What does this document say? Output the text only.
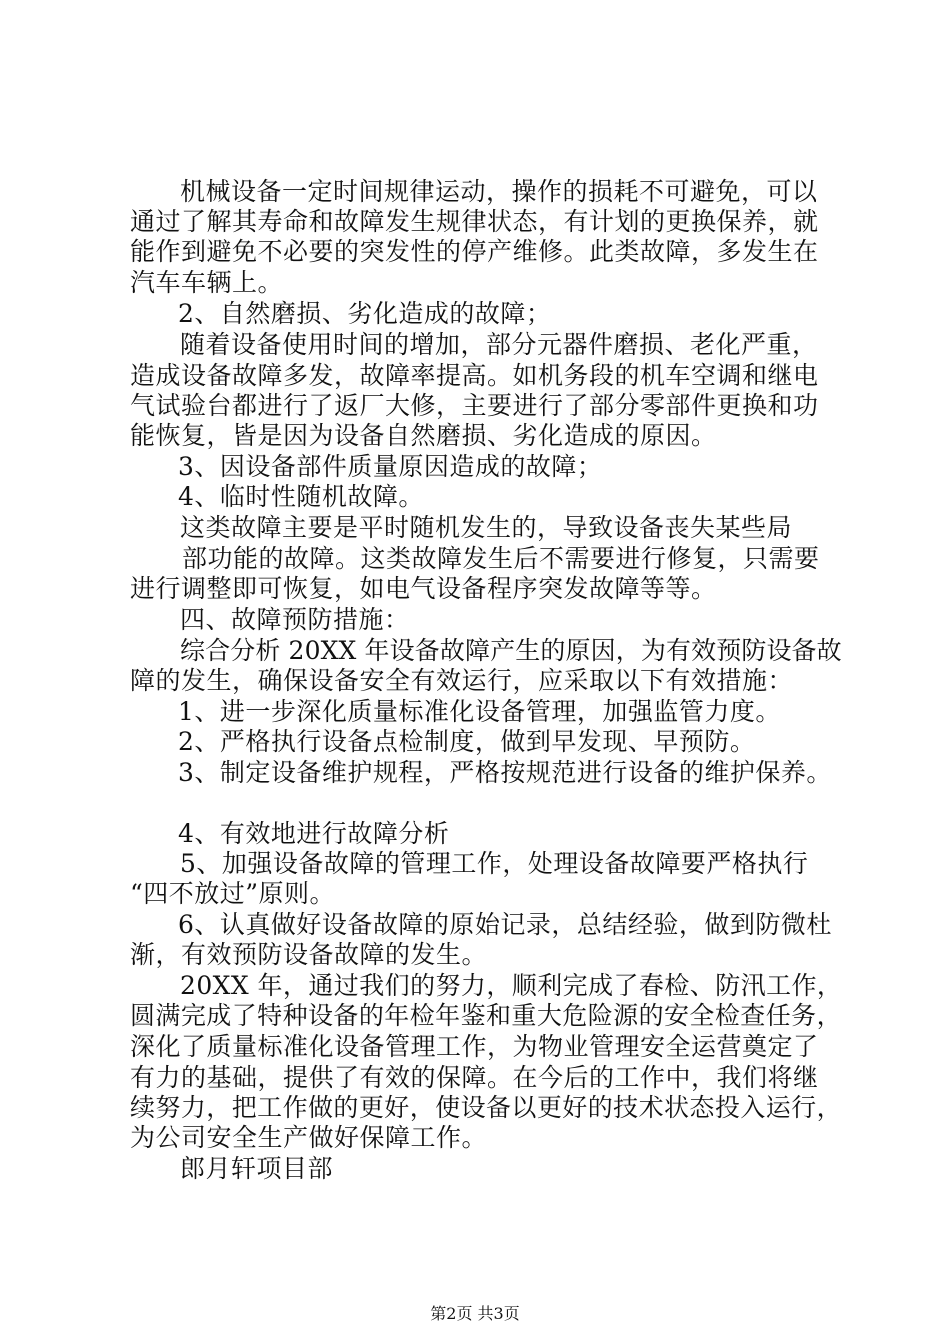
机械设备一定时间规律运动，操作的损耗不可避免，可以
通过了解其寿命和故障发生规律状态，有计划的更换保养，就
能作到避免不必要的突发性的停产维修。此类故障，多发生在
汽车车辆上。
2、自然磨损、劣化造成的故障；
随着设备使用时间的增加，部分元器件磨损、老化严重，
造成设备故障多发，故障率提高。如机务段的机车空调和继电
气试验台都进行了返厂大修，主要进行了部分零部件更换和功
能恢复，皆是因为设备自然磨损、劣化造成的原因。
3、因设备部件质量原因造成的故障；
4、临时性随机故障。
这类故障主要是平时随机发生的，导致设备丧失某些局
部功能的故障。这类故障发生后不需要进行修复，只需要
进行调整即可恢复，如电气设备程序突发故障等等。
四、故障预防措施：
综合分析 20XX 年设备故障产生的原因，为有效预防设备故
障的发生，确保设备安全有效运行，应采取以下有效措施：
1、进一步深化质量标准化设备管理，加强监管力度。
2、严格执行设备点检制度，做到早发现、早预防。
3、制定设备维护规程，严格按规范进行设备的维护保养。
4、有效地进行故障分析
5、加强设备故障的管理工作，处理设备故障要严格执行
“四不放过”原则。
6、认真做好设备故障的原始记录，总结经验，做到防微杜
渐，有效预防设备故障的发生。
20XX 年，通过我们的努力，顺利完成了春检、防汛工作，
圆满完成了特种设备的年检年鉴和重大危险源的安全检查任务，
深化了质量标准化设备管理工作，为物业管理安全运营奠定了
有力的基础，提供了有效的保障。在今后的工作中，我们将继
续努力，把工作做的更好，使设备以更好的技术状态投入运行，
为公司安全生产做好保障工作。
郎月轩项目部
第2页 共3页
